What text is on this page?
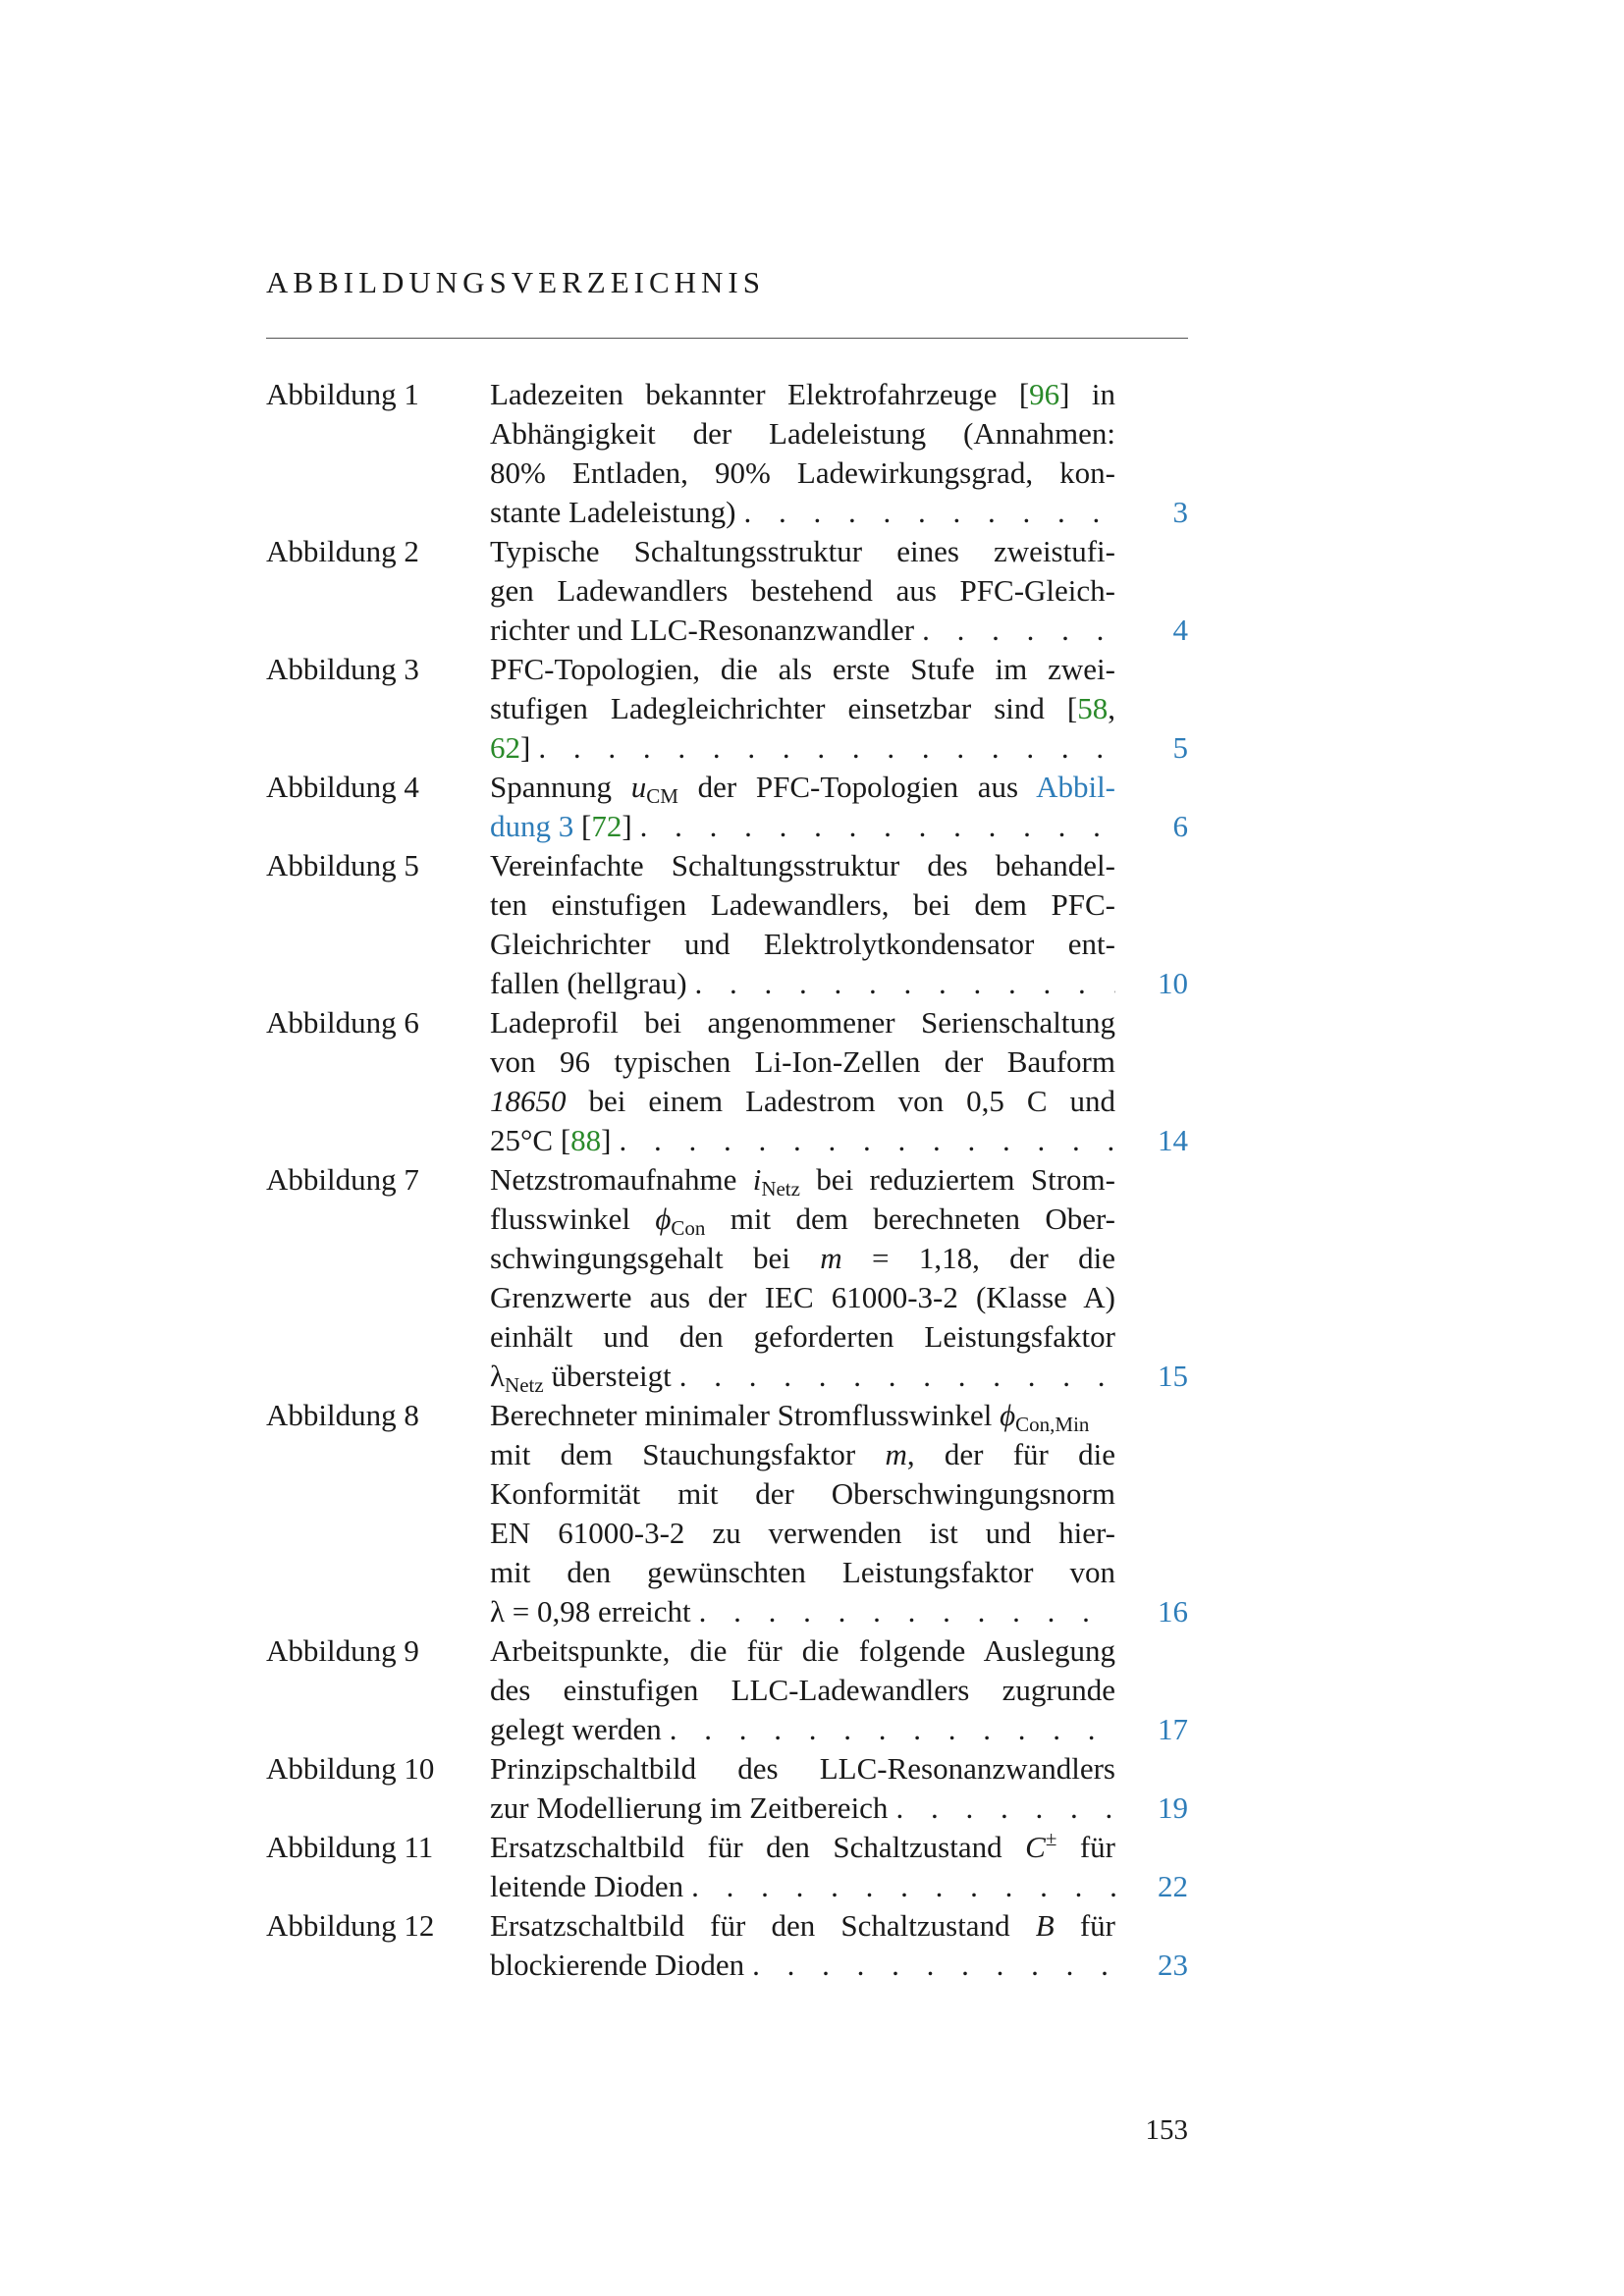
ABBILDUNGSVERZEICHNIS
Abbildung 1	Ladezeiten bekannter Elektrofahrzeuge [96] in
Abhängigkeit der Ladeleistung (Annahmen:
80% Entladen, 90% Ladewirkungsgrad, kon-
stante Ladeleistung) . . .	3
Abbildung 2	Typische Schaltungsstruktur eines zweistufi-
gen Ladewandlers bestehend aus PFC-Gleich-
richter und LLC-Resonanzwandler . . .	4
Abbildung 3	PFC-Topologien, die als erste Stufe im zwei-
stufigen Ladegleichrichter einsetzbar sind [58,
62] . . .	5
Abbildung 4	Spannung $u_{CM}$ der PFC-Topologien aus Abbil-
dung 3 [72] . . .	6
Abbildung 5	Vereinfachte Schaltungsstruktur des behandel-
ten einstufigen Ladewandlers, bei dem PFC-
Gleichrichter und Elektrolytkondensator ent-
fallen (hellgrau) . . .	10
Abbildung 6	Ladeprofil bei angenommener Serienschaltung
von 96 typischen Li-Ion-Zellen der Bauform
18650 bei einem Ladestrom von 0,5 C und
25°C [88] . . .	14
Abbildung 7	Netzstromaufnahme $i_{Netz}$ bei reduziertem Strom-
flusswinkel $\phi_{Con}$ mit dem berechneten Ober-
schwingungsgehalt bei m = 1,18, der die
Grenzwerte aus der IEC 61000-3-2 (Klasse A)
einhält und den geforderten Leistungsfaktor
$\lambda_{Netz}$ übersteigt . . .	15
Abbildung 8	Berechneter minimaler Stromflusswinkel $\phi_{Con,Min}$
mit dem Stauchungsfaktor m, der für die
Konformität mit der Oberschwingungsnorm
EN 61000-3-2 zu verwenden ist und hier-
mit den gewünschten Leistungsfaktor von
λ = 0,98 erreicht . . .	16
Abbildung 9	Arbeitspunkte, die für die folgende Auslegung
des einstufigen LLC-Ladewandlers zugrunde
gelegt werden . . .	17
Abbildung 10	Prinzipschaltbild des LLC-Resonanzwandlers
zur Modellierung im Zeitbereich . . .	19
Abbildung 11	Ersatzschaltbild für den Schaltzustand C± für
leitende Dioden . . .	22
Abbildung 12	Ersatzschaltbild für den Schaltzustand B für
blockierende Dioden . . .	23
153
